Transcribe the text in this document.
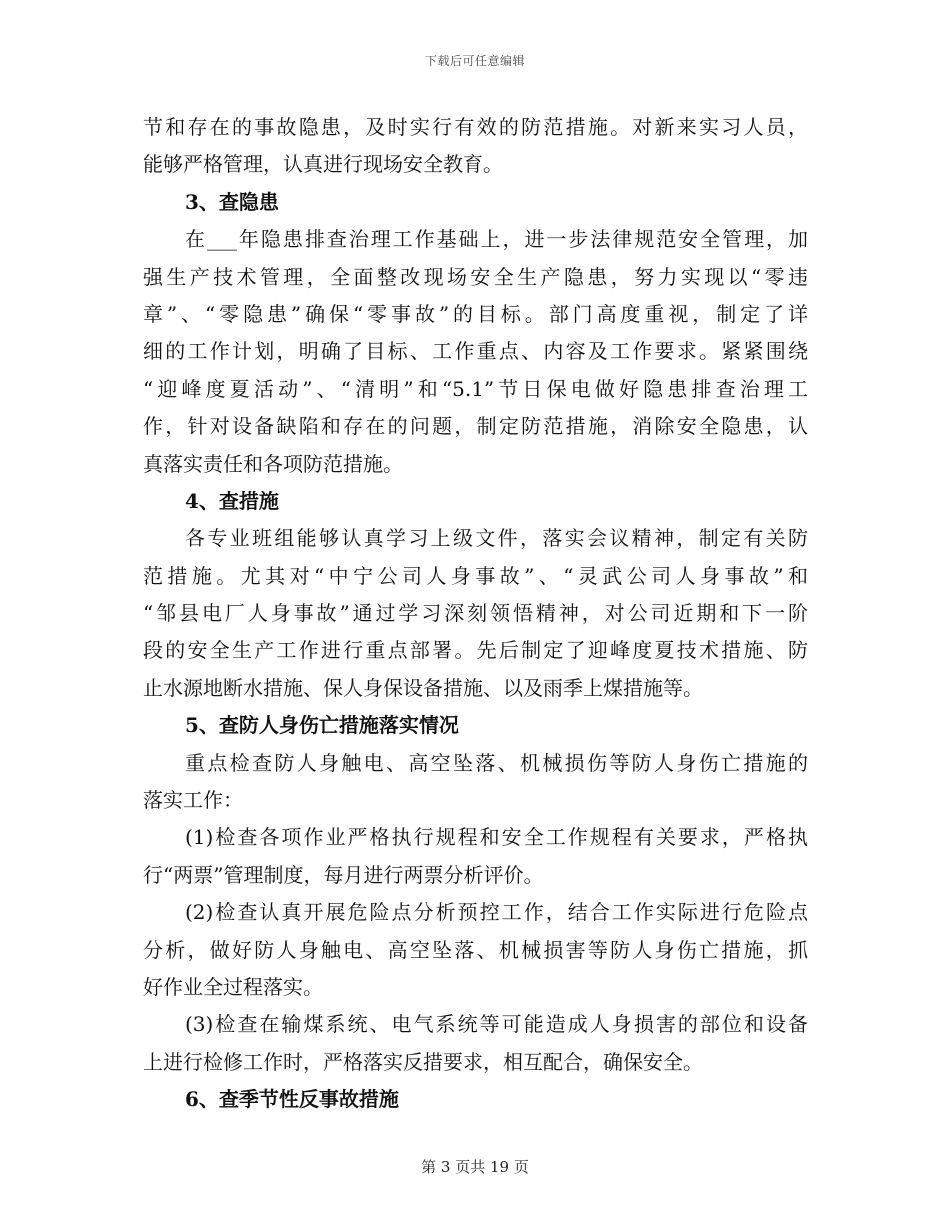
下载后可任意编辑
节和存在的事故隐患，及时实行有效的防范措施。对新来实习人员，
能够严格管理，认真进行现场安全教育。
3、查隐患
在___年隐患排查治理工作基础上，进一步法律规范安全管理，加
强生产技术管理，全面整改现场安全生产隐患，努力实现以“零违
章”、“零隐患”确保“零事故”的目标。部门高度重视，制定了详
细的工作计划，明确了目标、工作重点、内容及工作要求。紧紧围绕
“迎峰度夏活动”、“清明”和“5.1”节日保电做好隐患排查治理工
作，针对设备缺陷和存在的问题，制定防范措施，消除安全隐患，认
真落实责任和各项防范措施。
4、查措施
各专业班组能够认真学习上级文件，落实会议精神，制定有关防
范措施。尤其对“中宁公司人身事故”、“灵武公司人身事故”和
“邹县电厂人身事故”通过学习深刻领悟精神，对公司近期和下一阶
段的安全生产工作进行重点部署。先后制定了迎峰度夏技术措施、防
止水源地断水措施、保人身保设备措施、以及雨季上煤措施等。
5、查防人身伤亡措施落实情况
重点检查防人身触电、高空坠落、机械损伤等防人身伤亡措施的
落实工作：
(1)检查各项作业严格执行规程和安全工作规程有关要求，严格执
行“两票”管理制度，每月进行两票分析评价。
(2)检查认真开展危险点分析预控工作，结合工作实际进行危险点
分析，做好防人身触电、高空坠落、机械损害等防人身伤亡措施，抓
好作业全过程落实。
(3)检查在输煤系统、电气系统等可能造成人身损害的部位和设备
上进行检修工作时，严格落实反措要求，相互配合，确保安全。
6、查季节性反事故措施
第 3 页共 19 页
